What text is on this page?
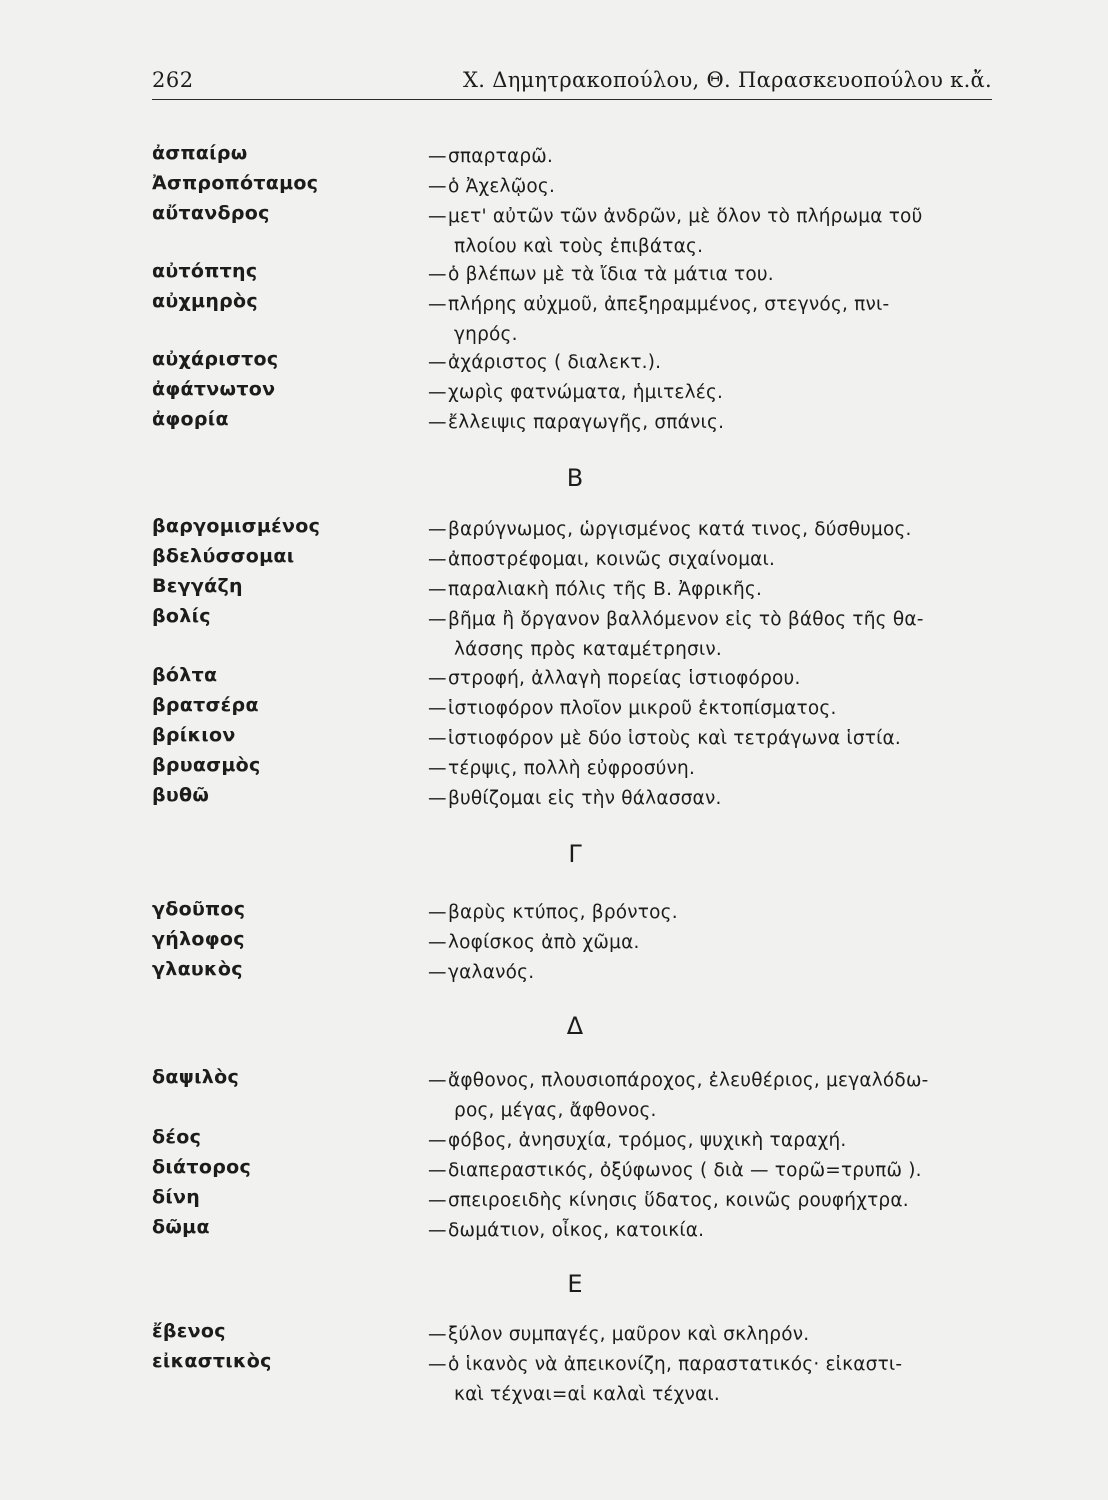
262	Χ. Δημητρακοπούλου, Θ. Παρασκευοπούλου κ.ἄ.
ἀσπαίρω	—σπαρταρῶ.
Ἀσπροπόταμος	—ὁ Ἀχελῷος.
αὔτανδρος	—μετ' αὐτῶν τῶν ἀνδρῶν, μὲ ὅλον τὸ πλήρωμα τοῦ
πλοίου καὶ τοὺς ἐπιβάτας.
αὐτόπτης	—ὁ βλέπων μὲ τὰ ἴδια τὰ μάτια του.
αὐχμηρὸς	—πλήρης αὐχμοῦ, ἀπεξηραμμένος, στεγνός, πνι-
γηρός.
αὐχάριστος	—ἀχάριστος ( διαλεκτ.).
ἀφάτνωτον	—χωρὶς φατνώματα, ἡμιτελές.
ἀφορία	—ἔλλειψις παραγωγῆς, σπάνις.
Β
βαργομισμένος	—βαρύγνωμος, ὡργισμένος κατά τινος, δύσθυμος.
βδελύσσομαι	—ἀποστρέφομαι, κοινῶς σιχαίνομαι.
Βεγγάζη	—παραλιακὴ πόλις τῆς Β. Ἀφρικῆς.
βολίς	—βῆμα ἢ ὄργανον βαλλόμενον εἰς τὸ βάθος τῆς θα-
λάσσης πρὸς καταμέτρησιν.
βόλτα	—στροφή, ἀλλαγὴ πορείας ἱστιοφόρου.
βρατσέρα	—ἱστιοφόρον πλοῖον μικροῦ ἐκτοπίσματος.
βρίκιον	—ἱστιοφόρον μὲ δύο ἱστοὺς καὶ τετράγωνα ἱστία.
βρυασμὸς	—τέρψις, πολλὴ εὐφροσύνη.
βυθῶ	—βυθίζομαι εἰς τὴν θάλασσαν.
Γ
γδοῦπος	—βαρὺς κτύπος, βρόντος.
γήλοφος	—λοφίσκος ἀπὸ χῶμα.
γλαυκὸς	—γαλανός.
Δ
δαψιλὸς	—ἄφθονος, πλουσιοπάροχος, ἐλευθέριος, μεγαλόδω-
ρος, μέγας, ἄφθονος.
δέος	—φόβος, ἀνησυχία, τρόμος, ψυχικὴ ταραχή.
διάτορος	—διαπεραστικός, ὀξύφωνος ( διὰ — τορῶ=τρυπῶ ).
δίνη	—σπειροειδὴς κίνησις ὕδατος, κοινῶς ρουφήχτρα.
δῶμα	—δωμάτιον, οἶκος, κατοικία.
Ε
ἔβενος	—ξύλον συμπαγές, μαῦρον καὶ σκληρόν.
εἰκαστικὸς	—ὁ ἱκανὸς νὰ ἀπεικονίζη, παραστατικός· εἰκαστι-
καὶ τέχναι=αἱ καλαὶ τέχναι.
